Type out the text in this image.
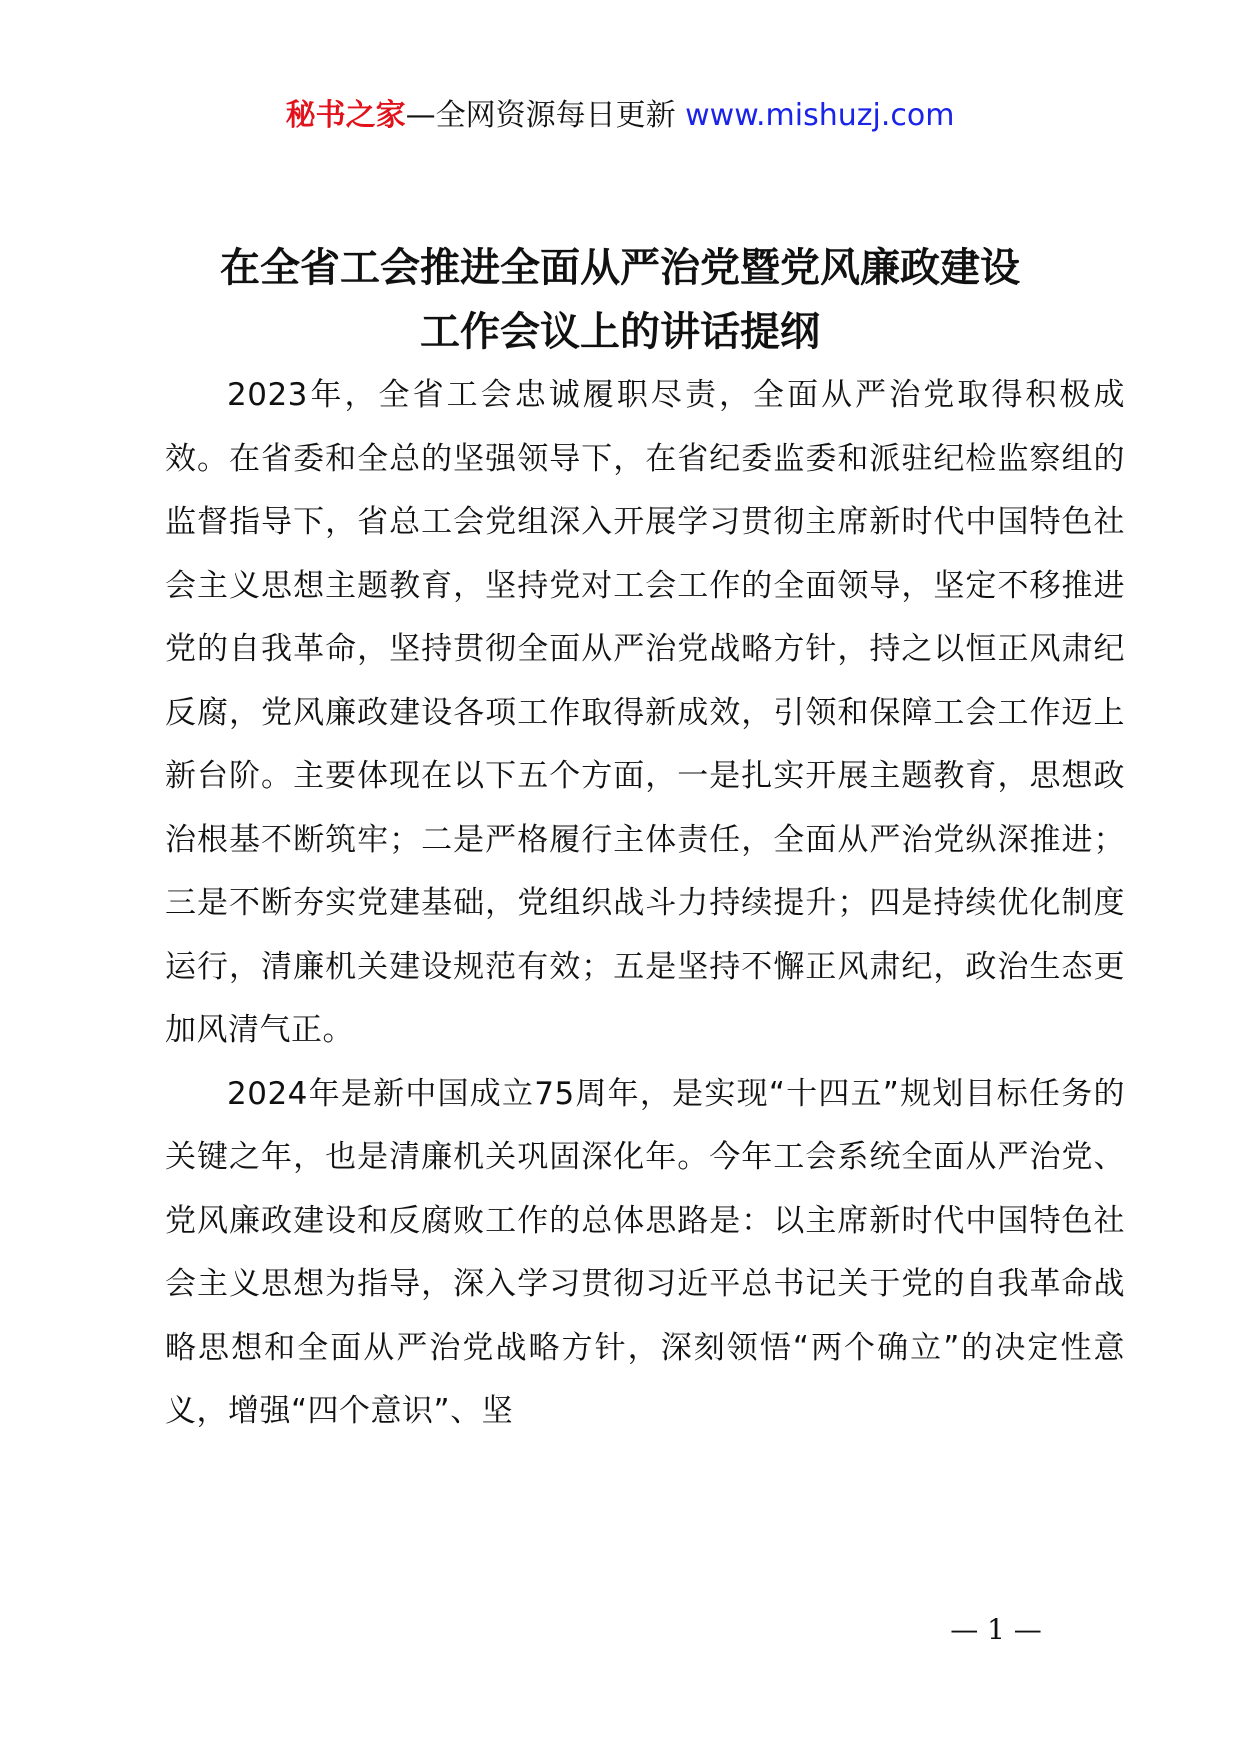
秘书之家—全网资源每日更新 www.mishuzj.com
在全省工会推进全面从严治党暨党风廉政建设
工作会议上的讲话提纲

2023年，全省工会忠诚履职尽责，全面从严治党取得积极成效。在省委和全总的坚强领导下，在省纪委监委和派驻纪检监察组的监督指导下，省总工会党组深入开展学习贯彻主席新时代中国特色社会主义思想主题教育，坚持党对工会工作的全面领导，坚定不移推进党的自我革命，坚持贯彻全面从严治党战略方针，持之以恒正风肃纪反腐，党风廉政建设各项工作取得新成效，引领和保障工会工作迈上新台阶。主要体现在以下五个方面，一是扎实开展主题教育，思想政治根基不断筑牢；二是严格履行主体责任，全面从严治党纵深推进；三是不断夯实党建基础，党组织战斗力持续提升；四是持续优化制度运行，清廉机关建设规范有效；五是坚持不懈正风肃纪，政治生态更加风清气正。

2024年是新中国成立75周年，是实现“十四五”规划目标任务的关键之年，也是清廉机关巩固深化年。今年工会系统全面从严治党、党风廉政建设和反腐败工作的总体思路是：以主席新时代中国特色社会主义思想为指导，深入学习贯彻习近平总书记关于党的自我革命战略思想和全面从严治党战略方针，深刻领悟“两个确立”的决定性意义，增强“四个意识”、坚

— 1 —
